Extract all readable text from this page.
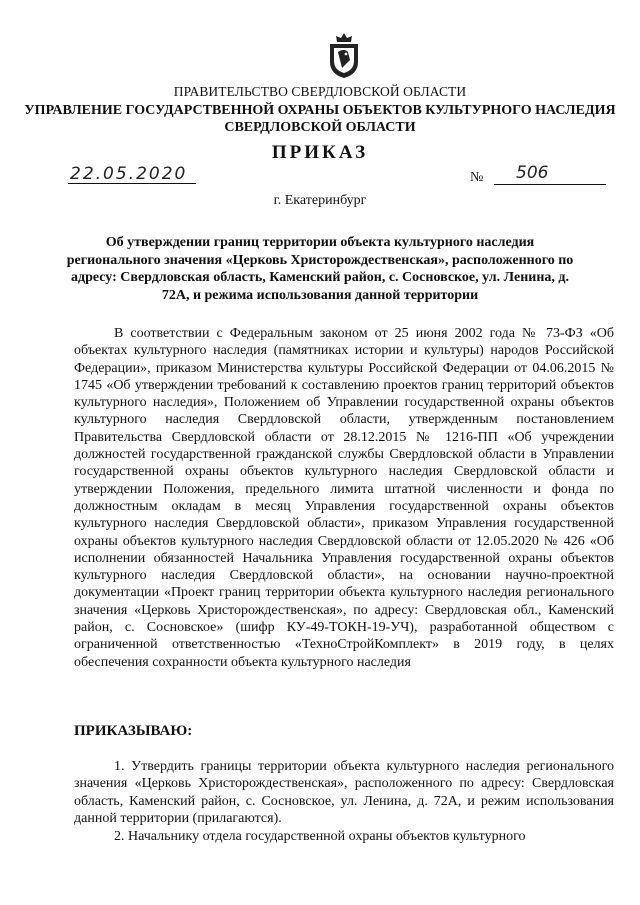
ПРАВИТЕЛЬСТВО СВЕРДЛОВСКОЙ ОБЛАСТИ
УПРАВЛЕНИЕ ГОСУДАРСТВЕННОЙ ОХРАНЫ ОБЪЕКТОВ КУЛЬТУРНОГО НАСЛЕДИЯ СВЕРДЛОВСКОЙ ОБЛАСТИ
ПРИКАЗ
22.05.2020	№ 506
г. Екатеринбург
Об утверждении границ территории объекта культурного наследия регионального значения «Церковь Христорождественская», расположенного по адресу: Свердловская область, Каменский район, с. Сосновское, ул. Ленина, д. 72А, и режима использования данной территории

В соответствии с Федеральным законом от 25 июня 2002 года № 73-ФЗ «Об объектах культурного наследия (памятниках истории и культуры) народов Российской Федерации», приказом Министерства культуры Российской Федерации от 04.06.2015 № 1745 «Об утверждении требований к составлению проектов границ территорий объектов культурного наследия», Положением об Управлении государственной охраны объектов культурного наследия Свердловской области, утвержденным постановлением Правительства Свердловской области от 28.12.2015 № 1216-ПП «Об учреждении должностей государственной гражданской службы Свердловской области в Управлении государственной охраны объектов культурного наследия Свердловской области и утверждении Положения, предельного лимита штатной численности и фонда по должностным окладам в месяц Управления государственной охраны объектов культурного наследия Свердловской области», приказом Управления государственной охраны объектов культурного наследия Свердловской области от 12.05.2020 № 426 «Об исполнении обязанностей Начальника Управления государственной охраны объектов культурного наследия Свердловской области», на основании научно-проектной документации «Проект границ территории объекта культурного наследия регионального значения «Церковь Христорождественская», по адресу: Свердловская обл., Каменский район, с. Сосновское» (шифр КУ-49-ТОКН-19-УЧ), разработанной обществом с ограниченной ответственностью «ТехноСтройКомплект» в 2019 году, в целях обеспечения сохранности объекта культурного наследия

ПРИКАЗЫВАЮ:

1. Утвердить границы территории объекта культурного наследия регионального значения «Церковь Христорождественская», расположенного по адресу: Свердловская область, Каменский район, с. Сосновское, ул. Ленина, д. 72А, и режим использования данной территории (прилагаются).

2. Начальнику отдела государственной охраны объектов культурного
